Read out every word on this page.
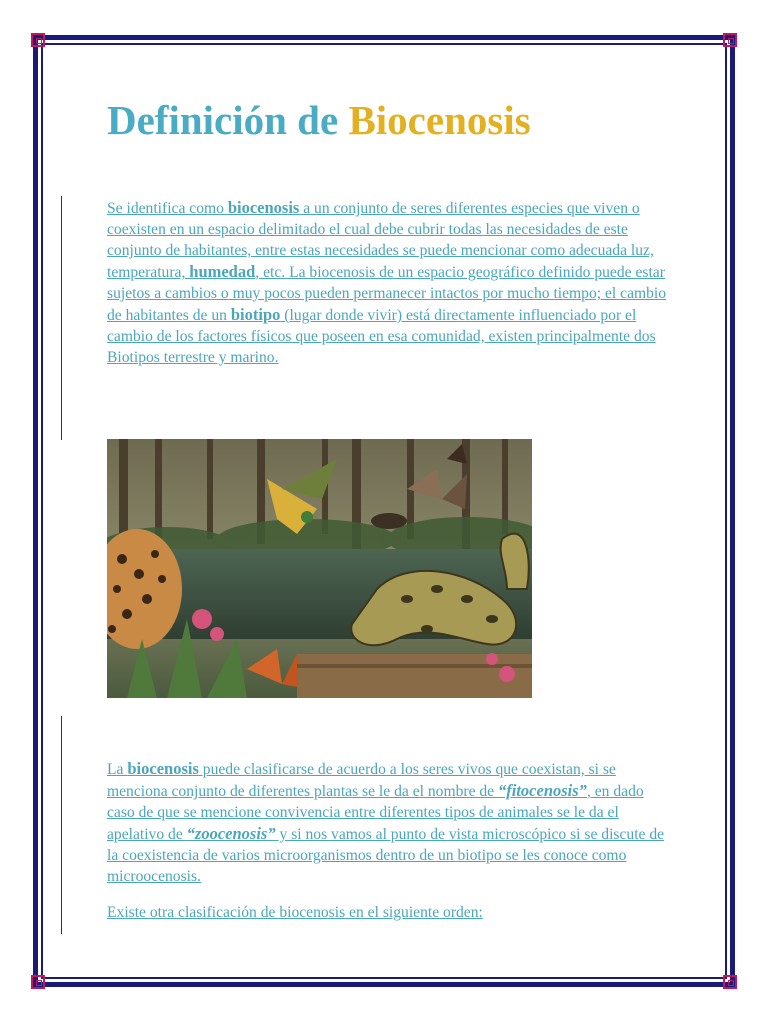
Definición de Biocenosis

Se identifica como biocenosis a un conjunto de seres diferentes especies que viven o coexisten en un espacio delimitado el cual debe cubrir todas las necesidades de este conjunto de habitantes, entre estas necesidades se puede mencionar como adecuada luz, temperatura, humedad, etc. La biocenosis de un espacio geográfico definido puede estar sujetos a cambios o muy pocos pueden permanecer intactos por mucho tiempo; el cambio de habitantes de un biotipo (lugar donde vivir) está directamente influenciado por el cambio de los factores físicos que poseen en esa comunidad, existen principalmente dos Biotipos terrestre y marino.

La biocenosis puede clasificarse de acuerdo a los seres vivos que coexistan, si se menciona conjunto de diferentes plantas se le da el nombre de “fitocenosis”, en dado caso de que se mencione convivencia entre diferentes tipos de animales se le da el apelativo de “zoocenosis” y si nos vamos al punto de vista microscópico si se discute de la coexistencia de varios microorganismos dentro de un biotipo se les conoce como microocenosis.

Existe otra clasificación de biocenosis en el siguiente orden:
